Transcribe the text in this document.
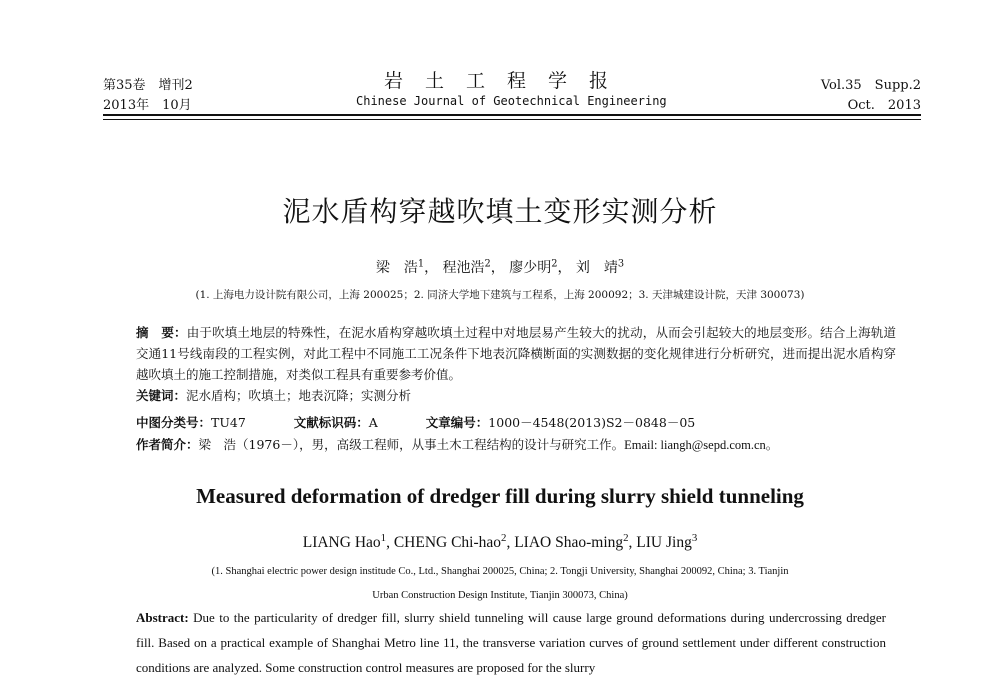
第35卷　增刊2
2013年　10月
岩土工程学报
Chinese Journal of Geotechnical Engineering
Vol.35　Supp.2
Oct.　2013
泥水盾构穿越吹填土变形实测分析
梁　浩$^1$， 程池浩$^2$， 廖少明$^2$， 刘　靖$^3$
(1. 上海电力设计院有限公司，上海 200025；2. 同济大学地下建筑与工程系，上海 200092；3. 天津城建设计院，天津 300073)
摘　要：由于吹填土地层的特殊性，在泥水盾构穿越吹填土过程中对地层易产生较大的扰动，从而会引起较大的地层变形。结合上海轨道交通11号线南段的工程实例，对此工程中不同施工工况条件下地表沉降横断面的实测数据的变化规律进行分析研究，进而提出泥水盾构穿越吹填土的施工控制措施，对类似工程具有重要参考价值。
关键词：泥水盾构；吹填土；地表沉降；实测分析
中图分类号：TU47	文献标识码：A	文章编号：1000－4548(2013)S2－0848－05
作者简介：梁　浩（1976－），男，高级工程师，从事土木工程结构的设计与研究工作。Email: liangh@sepd.com.cn。
Measured deformation of dredger fill during slurry shield tunneling
LIANG Hao$^1$, CHENG Chi-hao$^2$, LIAO Shao-ming$^2$, LIU Jing$^3$
(1. Shanghai electric power design institude Co., Ltd., Shanghai 200025, China; 2. Tongji University, Shanghai 200092, China; 3. Tianjin
Urban Construction Design Institute, Tianjin 300073, China)
Abstract: Due to the particularity of dredger fill, slurry shield tunneling will cause large ground deformations during undercrossing dredger fill. Based on a practical example of Shanghai Metro line 11, the transverse variation curves of ground settlement under different construction conditions are analyzed. Some construction control measures are proposed for the slurry
